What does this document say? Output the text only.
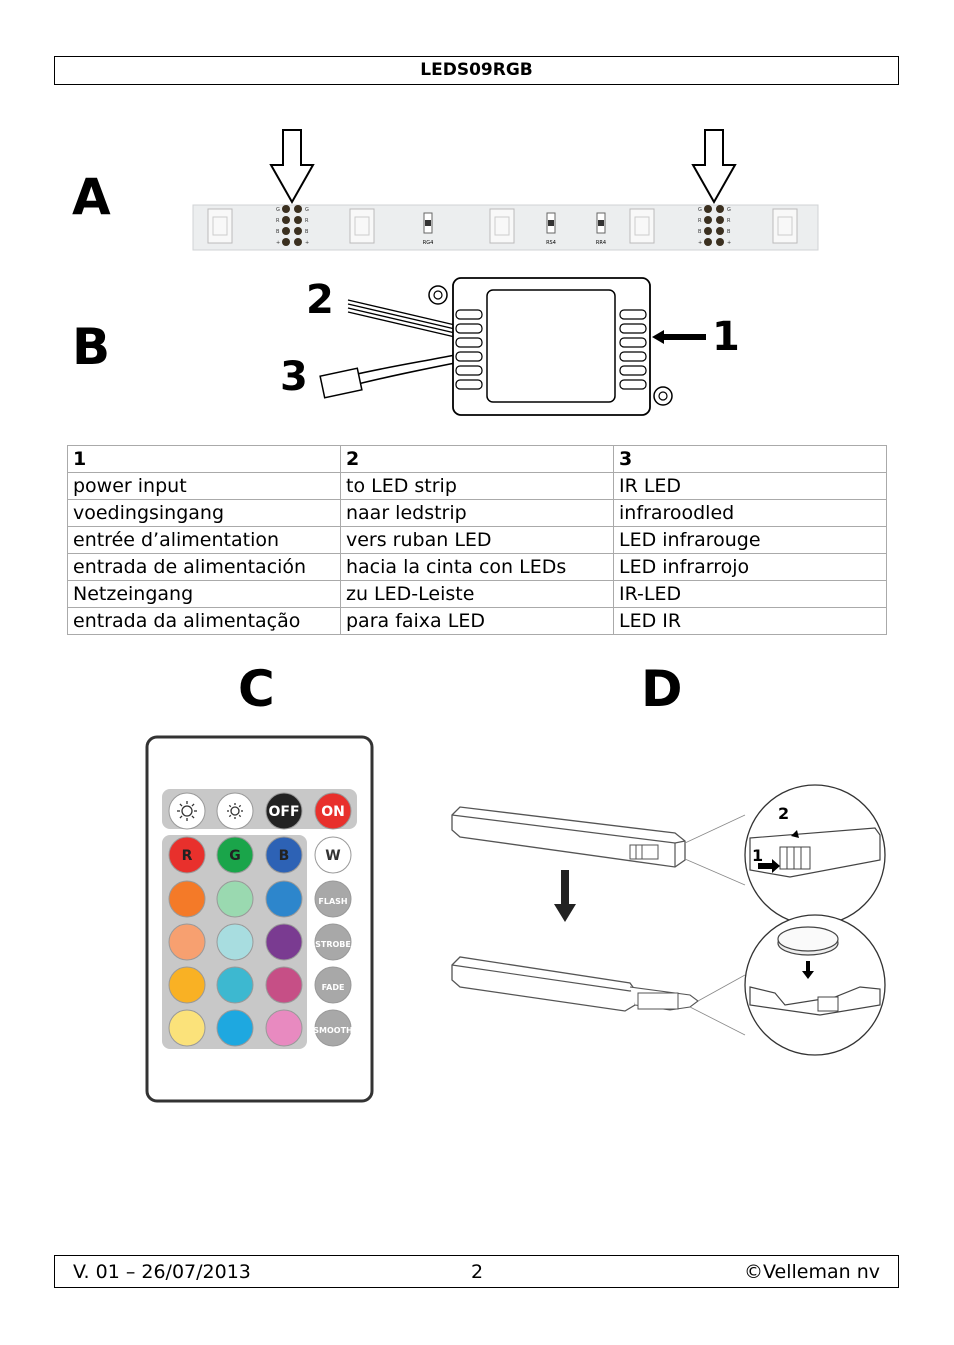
LEDS09RGB
A
B
C	D
RG4	RS4	RR4
G
R
B
+
G
R
B
+
G
R
B
+
G
R
B
+
1
2
3
1	2	3
power input	to LED strip	IR LED
voedingsingang	naar ledstrip	infraroodled
entrée d’alimentation	vers ruban LED	LED infrarouge
entrada de alimentación	hacia la cinta con LEDs	LED infrarrojo
Netzeingang	zu LED-Leiste	IR-LED
entrada da alimentação	para faixa LED	LED IR
OFF ON
R	G	B	W
FLASH
STROBE
FADE
SMOOTH
2
1
V. 01 – 26/07/2013	2	©Velleman nv
